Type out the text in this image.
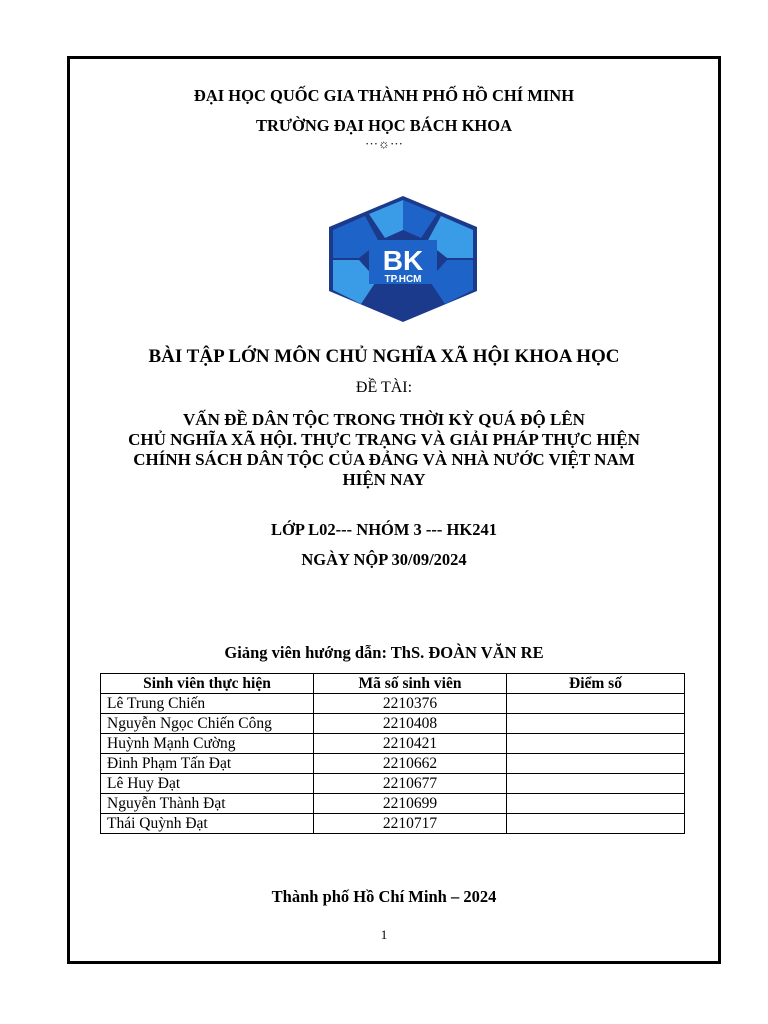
ĐẠI HỌC QUỐC GIA THÀNH PHỐ HỒ CHÍ MINH
TRƯỜNG ĐẠI HỌC BÁCH KHOA
···☼···
BK
TP.HCM
BÀI TẬP LỚN MÔN CHỦ NGHĨA XÃ HỘI KHOA HỌC
ĐỀ TÀI:
VẤN ĐỀ DÂN TỘC TRONG THỜI KỲ QUÁ ĐỘ LÊN
CHỦ NGHĨA XÃ HỘI. THỰC TRẠNG VÀ GIẢI PHÁP THỰC HIỆN
CHÍNH SÁCH DÂN TỘC CỦA ĐẢNG VÀ NHÀ NƯỚC VIỆT NAM
HIỆN NAY
LỚP L02--- NHÓM 3 --- HK241
NGÀY NỘP 30/09/2024
Giảng viên hướng dẫn: ThS. ĐOÀN VĂN RE
Sinh viên thực hiện	Mã số sinh viên	Điểm số
Lê Trung Chiến	2210376	
Nguyễn Ngọc Chiến Công	2210408	
Huỳnh Mạnh Cường	2210421	
Đinh Phạm Tấn Đạt	2210662	
Lê Huy Đạt	2210677	
Nguyễn Thành Đạt	2210699	
Thái Quỳnh Đạt	2210717	
Thành phố Hồ Chí Minh – 2024
1
